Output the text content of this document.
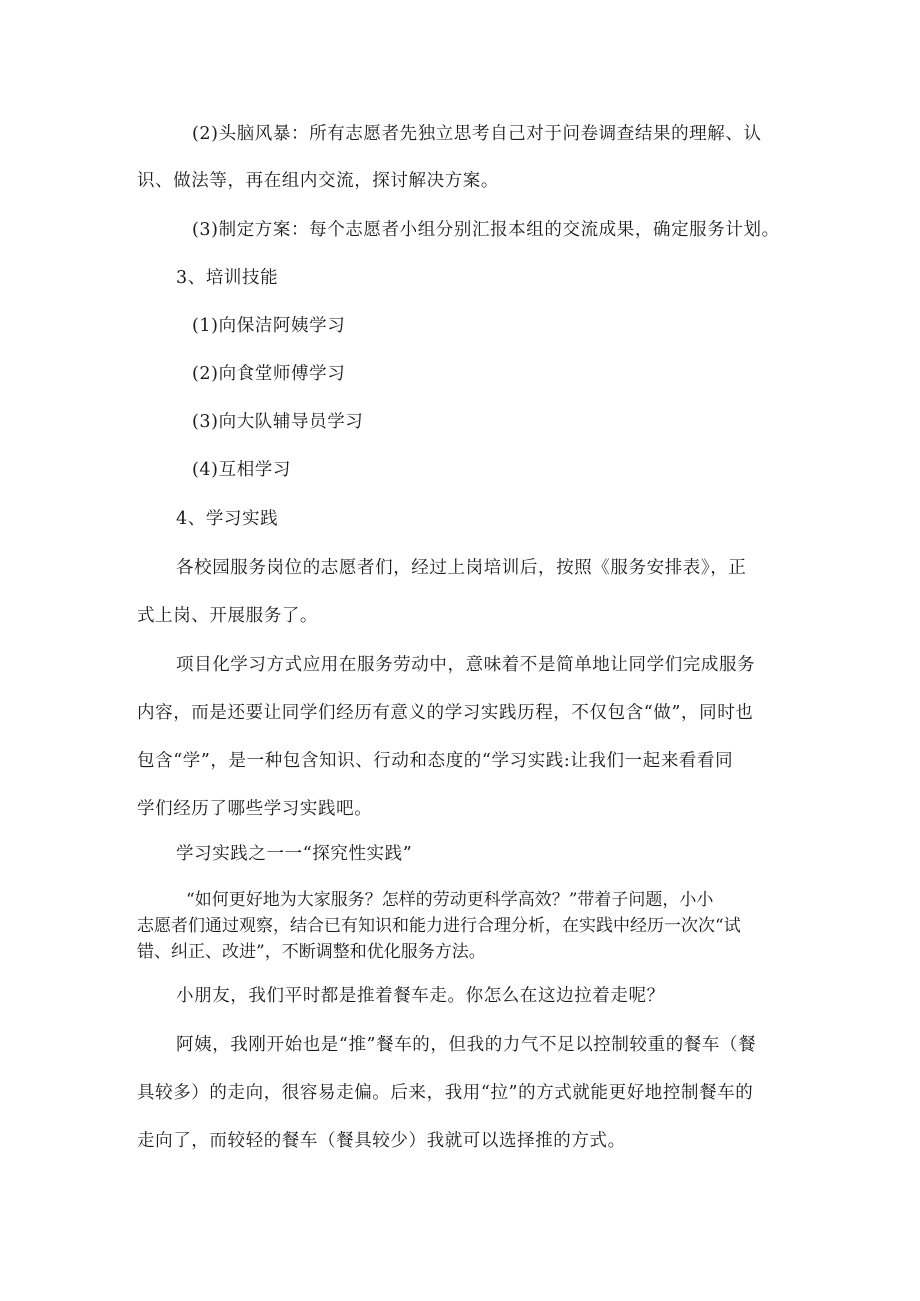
(2)头脑风暴：所有志愿者先独立思考自己对于问卷调查结果的理解、认

识、做法等，再在组内交流，探讨解决方案。

(3)制定方案：每个志愿者小组分别汇报本组的交流成果，确定服务计划。

3、培训技能

(1)向保洁阿姨学习

(2)向食堂师傅学习

(3)向大队辅导员学习

(4)互相学习

4、学习实践

各校园服务岗位的志愿者们，经过上岗培训后，按照《服务安排表》，正

式上岗、开展服务了。

项目化学习方式应用在服务劳动中，意味着不是简单地让同学们完成服务

内容，而是还要让同学们经历有意义的学习实践历程，不仅包含“做”，同时也

包含“学”，是一种包含知识、行动和态度的“学习实践:让我们一起来看看同

学们经历了哪些学习实践吧。

学习实践之一一“探究性实践”

“如何更好地为大家服务？怎样的劳动更科学高效？”带着子问题，小小

志愿者们通过观察，结合已有知识和能力进行合理分析，在实践中经历一次次“试

错、纠正、改进”，不断调整和优化服务方法。

小朋友，我们平时都是推着餐车走。你怎么在这边拉着走呢？

阿姨，我刚开始也是“推”餐车的，但我的力气不足以控制较重的餐车（餐

具较多）的走向，很容易走偏。后来，我用“拉”的方式就能更好地控制餐车的

走向了，而较轻的餐车（餐具较少）我就可以选择推的方式。
